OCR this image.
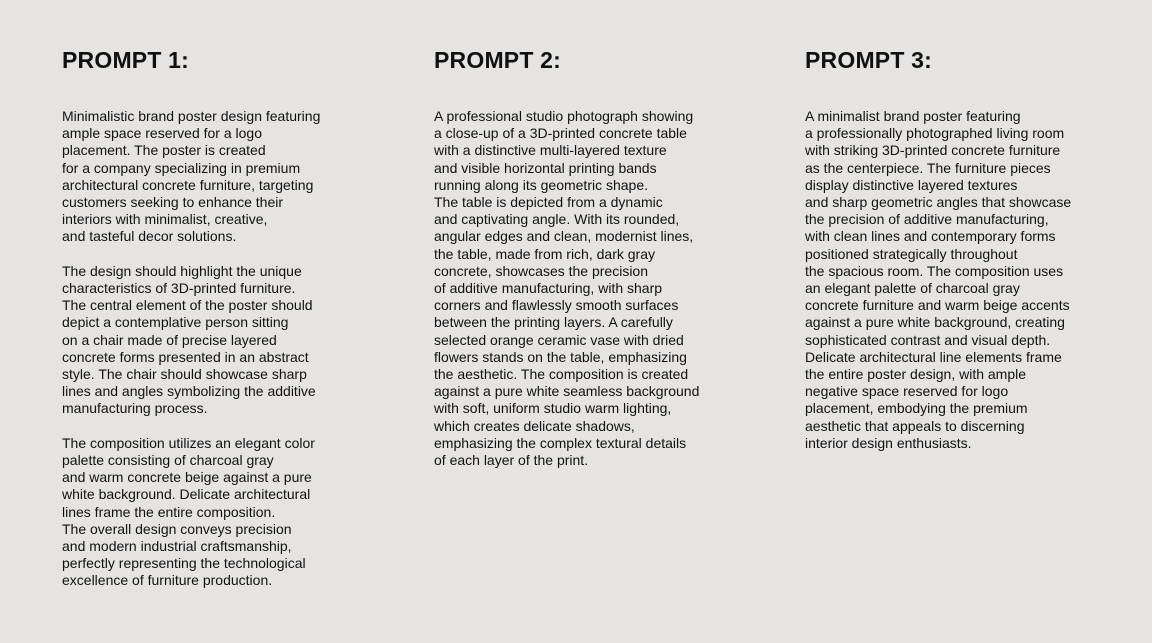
PROMPT 1:

Minimalistic brand poster design featuring
ample space reserved for a logo
placement. The poster is created
for a company specializing in premium
architectural concrete furniture, targeting
customers seeking to enhance their
interiors with minimalist, creative,
and tasteful decor solutions.

The design should highlight the unique
characteristics of 3D-printed furniture.
The central element of the poster should
depict a contemplative person sitting
on a chair made of precise layered
concrete forms presented in an abstract
style. The chair should showcase sharp
lines and angles symbolizing the additive
manufacturing process.

The composition utilizes an elegant color
palette consisting of charcoal gray
and warm concrete beige against a pure
white background. Delicate architectural
lines frame the entire composition.
The overall design conveys precision
and modern industrial craftsmanship,
perfectly representing the technological
excellence of furniture production.

PROMPT 2:

A professional studio photograph showing
a close-up of a 3D-printed concrete table
with a distinctive multi-layered texture
and visible horizontal printing bands
running along its geometric shape.
The table is depicted from a dynamic
and captivating angle. With its rounded,
angular edges and clean, modernist lines,
the table, made from rich, dark gray
concrete, showcases the precision
of additive manufacturing, with sharp
corners and flawlessly smooth surfaces
between the printing layers. A carefully
selected orange ceramic vase with dried
flowers stands on the table, emphasizing
the aesthetic. The composition is created
against a pure white seamless background
with soft, uniform studio warm lighting,
which creates delicate shadows,
emphasizing the complex textural details
of each layer of the print.

PROMPT 3:

A minimalist brand poster featuring
a professionally photographed living room
with striking 3D-printed concrete furniture
as the centerpiece. The furniture pieces
display distinctive layered textures
and sharp geometric angles that showcase
the precision of additive manufacturing,
with clean lines and contemporary forms
positioned strategically throughout
the spacious room. The composition uses
an elegant palette of charcoal gray
concrete furniture and warm beige accents
against a pure white background, creating
sophisticated contrast and visual depth.
Delicate architectural line elements frame
the entire poster design, with ample
negative space reserved for logo
placement, embodying the premium
aesthetic that appeals to discerning
interior design enthusiasts.
